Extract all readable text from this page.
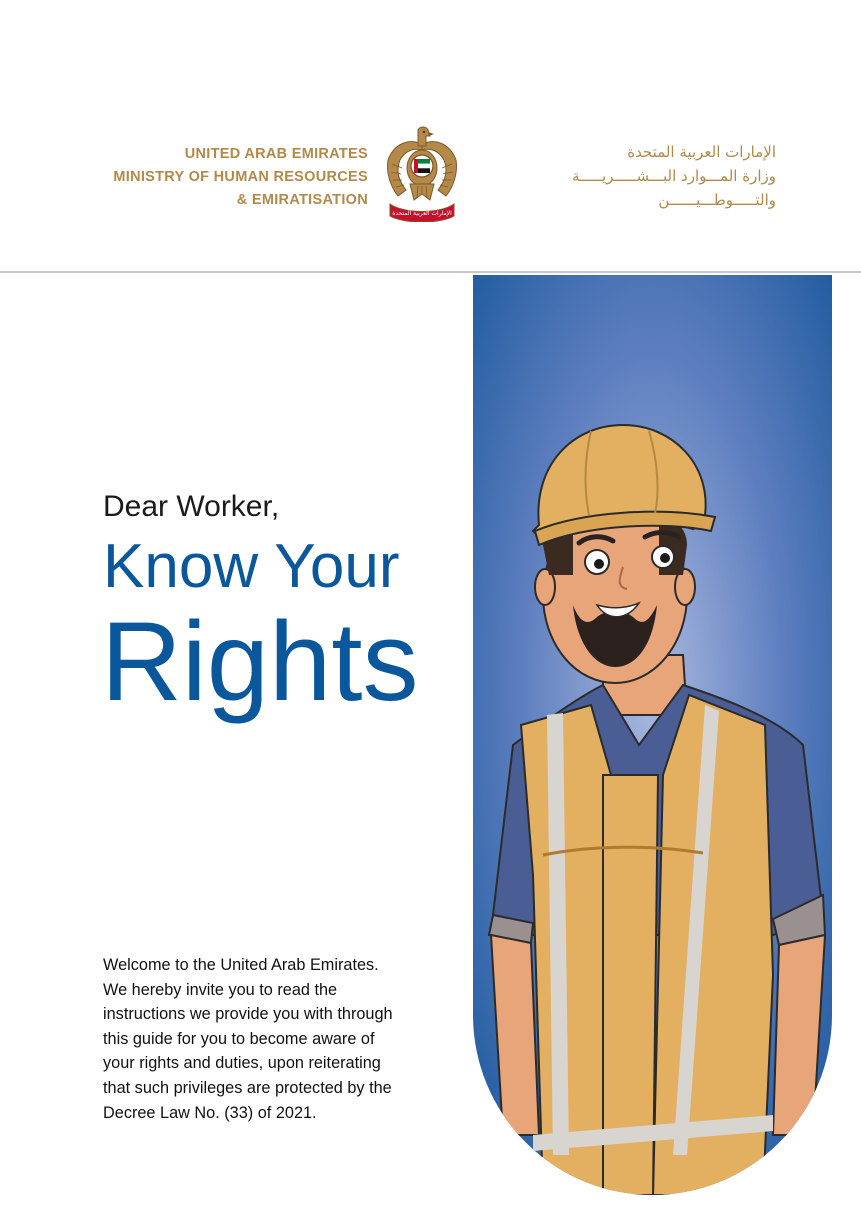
UNITED ARAB EMIRATES
MINISTRY OF HUMAN RESOURCES
& EMIRATISATION
الإمارات العربية المتحدة
الإمارات العربية المتحدة
وزارة المـــوارد البـــشـــــريـــــة
والتـــــوطـــيــــــن
Dear Worker,
Know Your
Rights
Welcome to the United Arab Emirates.
We hereby invite you to read the
instructions we provide you with through
this guide for you to become aware of
your rights and duties, upon reiterating
that such privileges are protected by the
Decree Law No. (33) of 2021.
